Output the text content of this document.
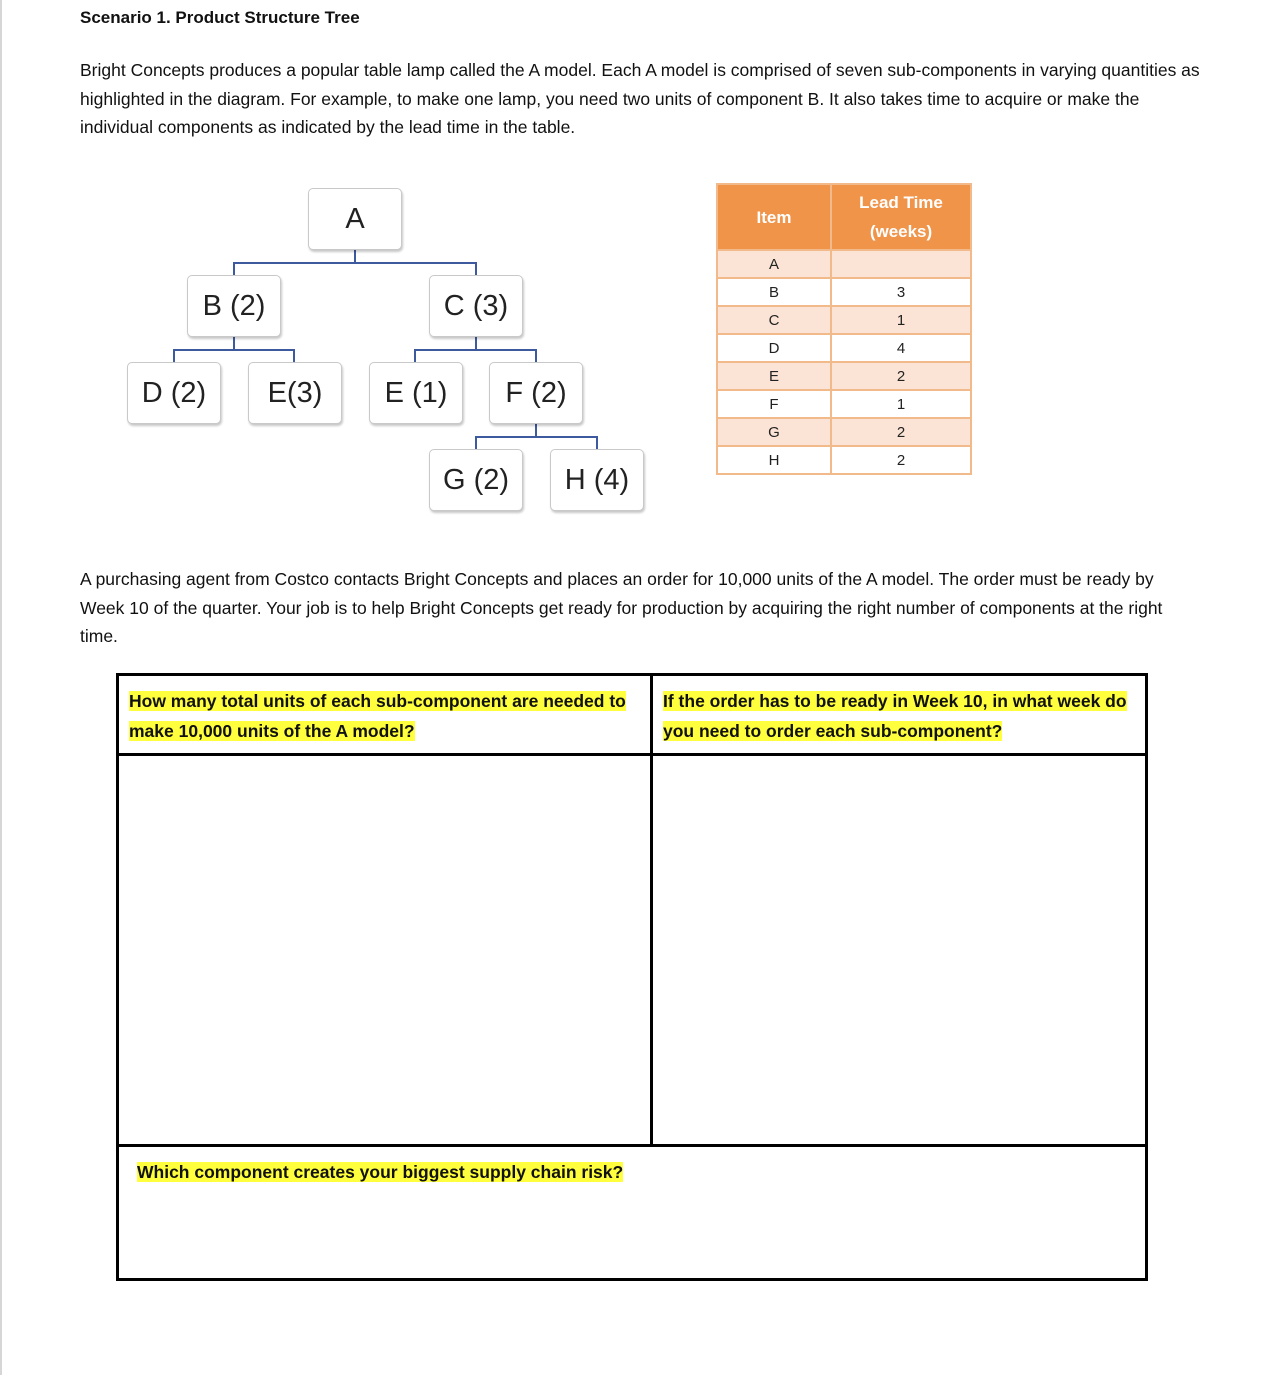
Scenario 1. Product Structure Tree
Bright Concepts produces a popular table lamp called the A model. Each A model is comprised of seven sub-components in varying quantities as highlighted in the diagram. For example, to make one lamp, you need two units of component B. It also takes time to acquire or make the individual components as indicated by the lead time in the table.
A
B (2)	C (3)
D (2)	E(3)	E (1)	F (2)
G (2)	H (4)
Item	Lead Time
(weeks)

A	
B	3
C	1
D	4
E	2
F	1
G	2
H	2
A purchasing agent from Costco contacts Bright Concepts and places an order for 10,000 units of the A model. The order must be ready by Week 10 of the quarter. Your job is to help Bright Concepts get ready for production by acquiring the right number of components at the right time.
How many total units of each sub-component are needed to make 10,000 units of the A model?	If the order has to be ready in Week 10, in what week do you need to order each sub-component?

Which component creates your biggest supply chain risk?	
